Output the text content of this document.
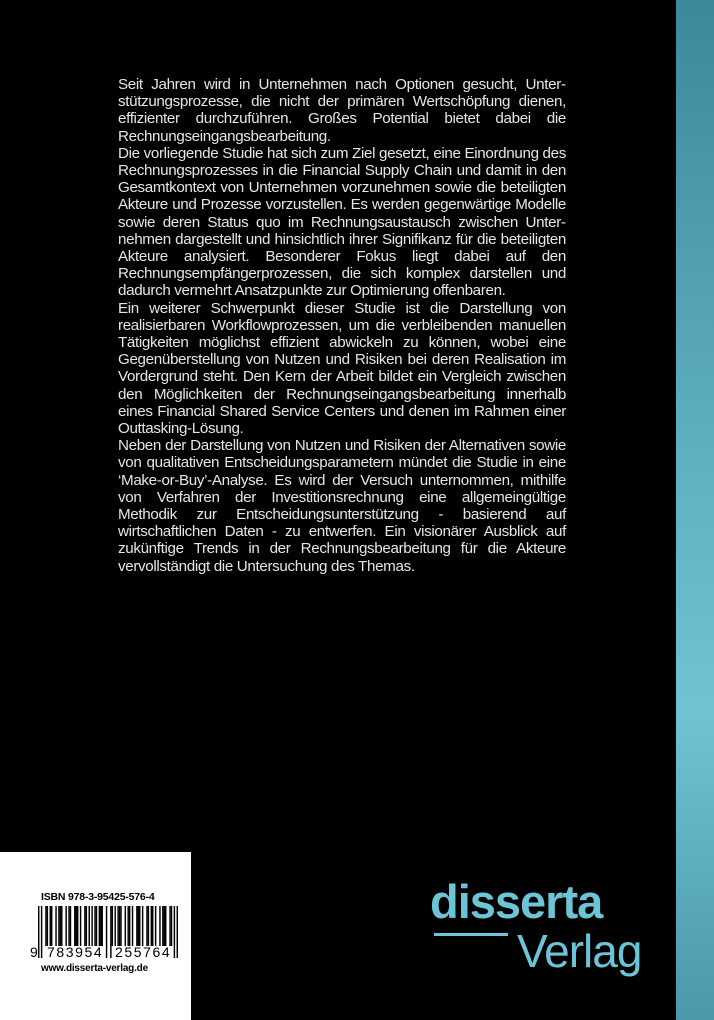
Seit Jahren wird in Unternehmen nach Optionen gesucht, Unterstützungsprozesse, die nicht der primären Wertschöpfung dienen, effizienter durchzuführen. Großes Potential bietet dabei die Rechnungseingangsbearbeitung.

Die vorliegende Studie hat sich zum Ziel gesetzt, eine Einordnung des Rechnungsprozesses in die Financial Supply Chain und damit in den Gesamtkontext von Unternehmen vorzunehmen sowie die beteiligten Akteure und Prozesse vorzustellen. Es werden gegenwärtige Modelle sowie deren Status quo im Rechnungsaustausch zwischen Unternehmen dargestellt und hinsichtlich ihrer Signifikanz für die beteiligten Akteure analysiert. Besonderer Fokus liegt dabei auf den Rechnungsempfängerprozessen, die sich komplex darstellen und dadurch vermehrt Ansatzpunkte zur Optimierung offenbaren.

Ein weiterer Schwerpunkt dieser Studie ist die Darstellung von realisierbaren Workflowprozessen, um die verbleibenden manuellen Tätigkeiten möglichst effizient abwickeln zu können, wobei eine Gegenüberstellung von Nutzen und Risiken bei deren Realisation im Vordergrund steht. Den Kern der Arbeit bildet ein Vergleich zwischen den Möglichkeiten der Rechnungseingangsbearbeitung innerhalb eines Financial Shared Service Centers und denen im Rahmen einer Outtasking-Lösung.

Neben der Darstellung von Nutzen und Risiken der Alternativen sowie von qualitativen Entscheidungsparametern mündet die Studie in eine ‘Make-or-Buy’-Analyse. Es wird der Versuch unternommen, mithilfe von Verfahren der Investitionsrechnung eine allgemeingültige Methodik zur Entscheidungsunterstützung - basierend auf wirtschaftlichen Daten - zu entwerfen. Ein visionärer Ausblick auf zukünftige Trends in der Rechnungsbearbeitung für die Akteure vervollständigt die Untersuchung des Themas.

ISBN 978-3-95425-576-4
9 783954 255764
www.disserta-verlag.de
disserta
Verlag
